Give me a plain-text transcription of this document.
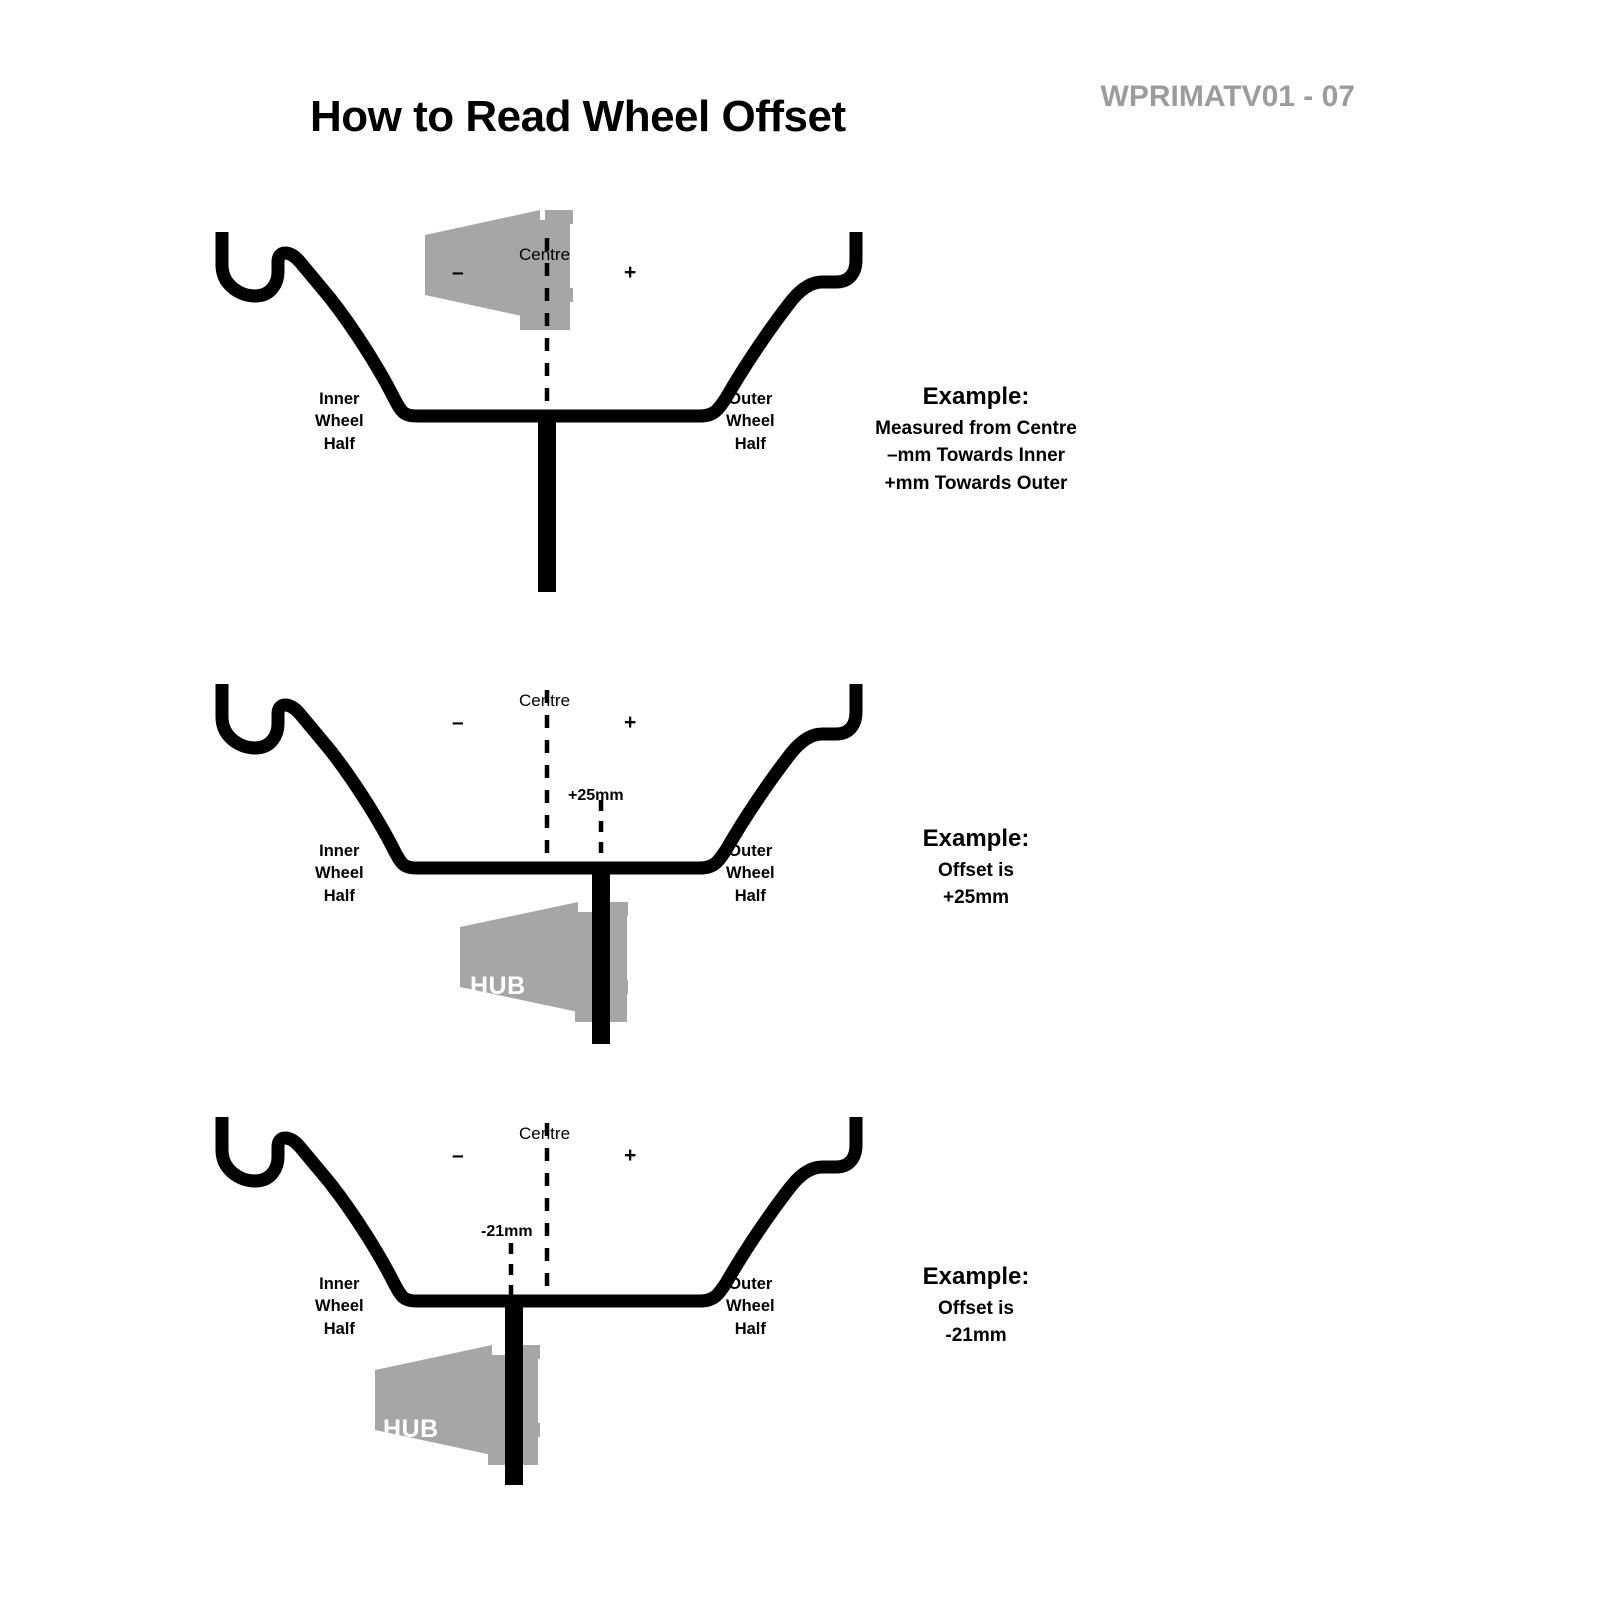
How to Read Wheel Offset	WPRIMATV01 - 07
Centre
–	+
Inner
Wheel
Half
Outer
Wheel
Half
HUB
Example:
Measured from Centre
–mm Towards Inner
+mm Towards Outer
Centre
–	+
+25mm
Inner
Wheel
Half
Outer
Wheel
Half
HUB
Example:
Offset is
+25mm
Centre
–	+
-21mm
Inner
Wheel
Half
Outer
Wheel
Half
HUB
Example:
Offset is
-21mm
